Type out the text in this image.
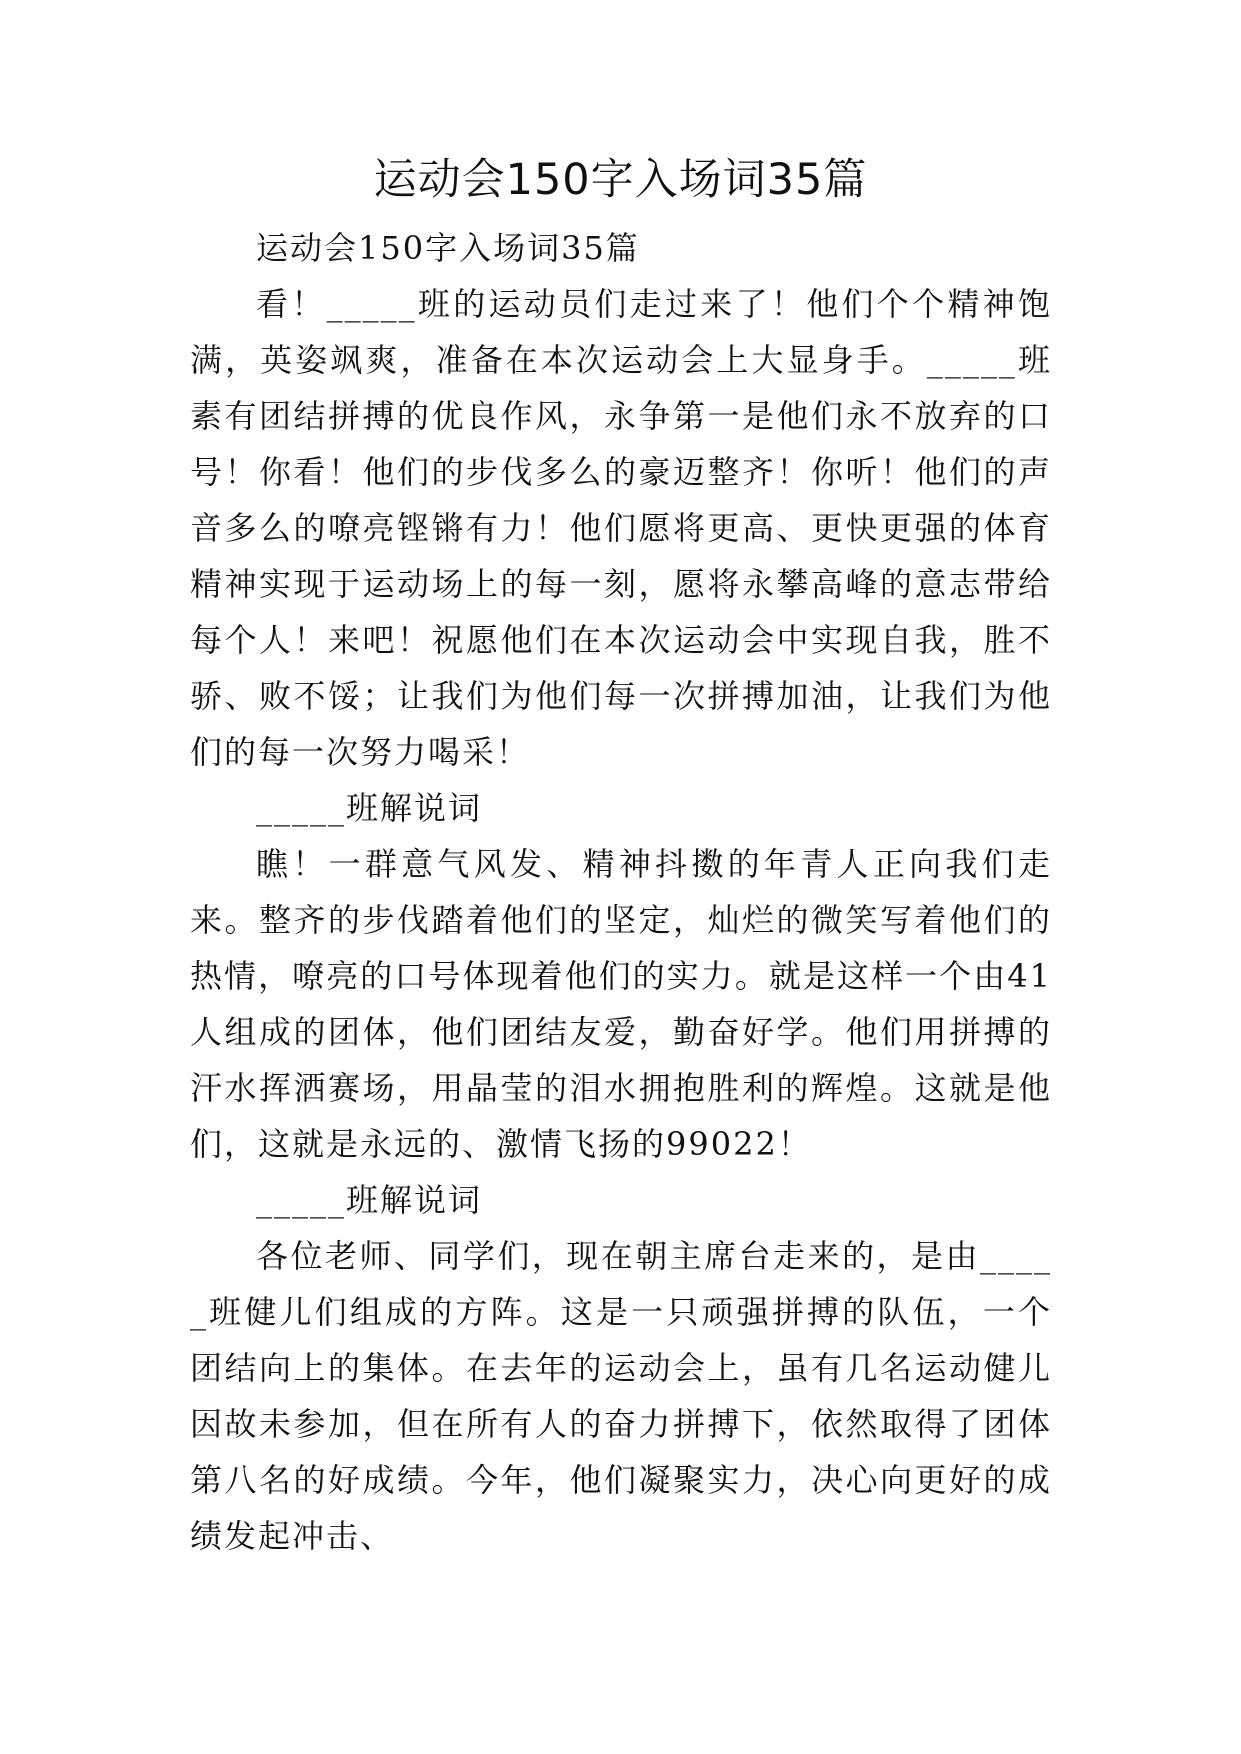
运动会150字入场词35篇

运动会150字入场词35篇

看！_____班的运动员们走过来了！他们个个精神饱满，英姿飒爽，准备在本次运动会上大显身手。_____班素有团结拼搏的优良作风，永争第一是他们永不放弃的口号！你看！他们的步伐多么的豪迈整齐！你听！他们的声音多么的嘹亮铿锵有力！他们愿将更高、更快更强的体育精神实现于运动场上的每一刻，愿将永攀高峰的意志带给每个人！来吧！祝愿他们在本次运动会中实现自我，胜不骄、败不馁；让我们为他们每一次拼搏加油，让我们为他们的每一次努力喝采！

_____班解说词

瞧！一群意气风发、精神抖擞的年青人正向我们走来。整齐的步伐踏着他们的坚定，灿烂的微笑写着他们的热情，嘹亮的口号体现着他们的实力。就是这样一个由41人组成的团体，他们团结友爱，勤奋好学。他们用拼搏的汗水挥洒赛场，用晶莹的泪水拥抱胜利的辉煌。这就是他们，这就是永远的、激情飞扬的99022！

_____班解说词

各位老师、同学们，现在朝主席台走来的，是由_____班健儿们组成的方阵。这是一只顽强拼搏的队伍，一个团结向上的集体。在去年的运动会上，虽有几名运动健儿因故未参加，但在所有人的奋力拼搏下，依然取得了团体第八名的好成绩。今年，他们凝聚实力，决心向更好的成绩发起冲击、
